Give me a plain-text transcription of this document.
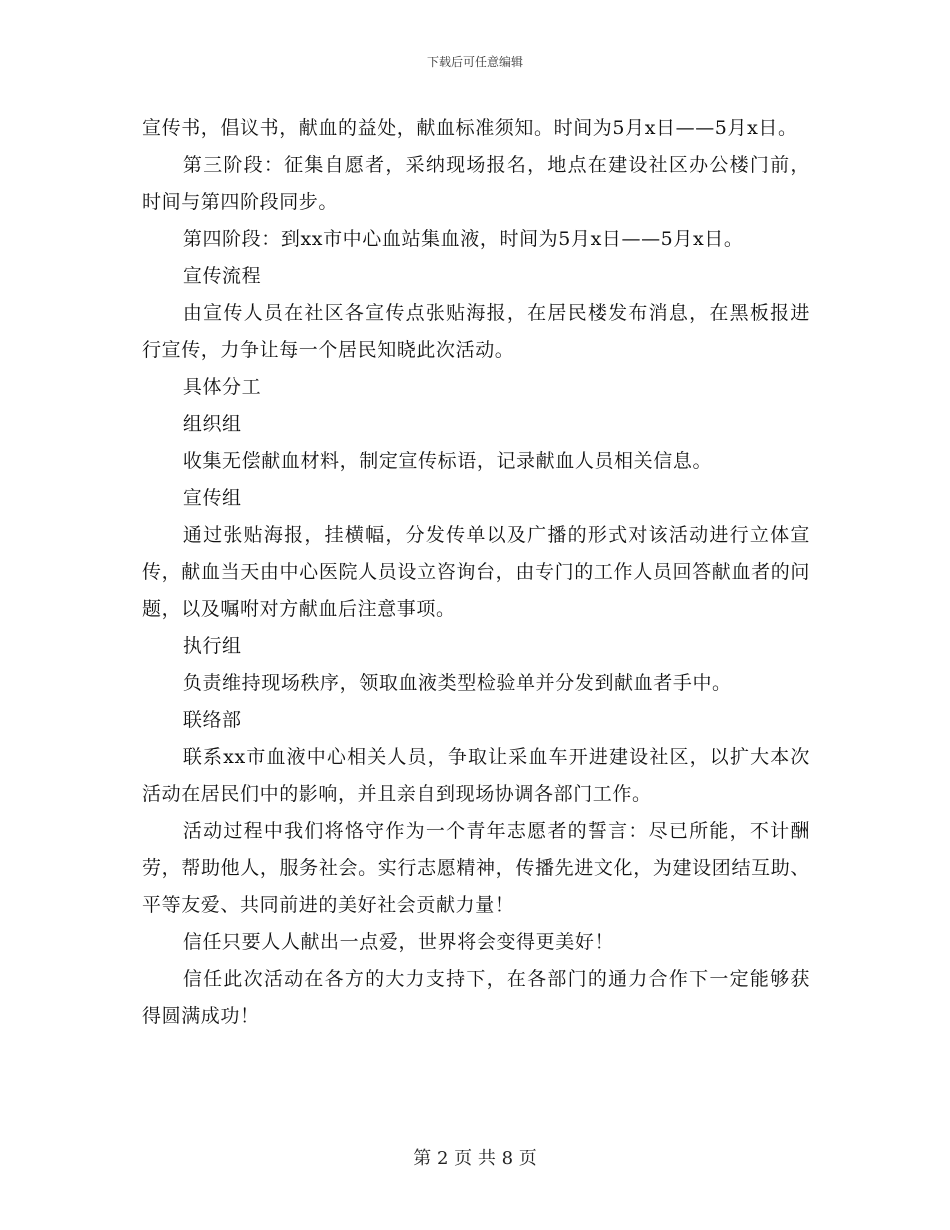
下载后可任意编辑

宣传书，倡议书，献血的益处，献血标准须知。时间为5月x日——5月x日。

第三阶段：征集自愿者，采纳现场报名，地点在建设社区办公楼门前，时间与第四阶段同步。

第四阶段：到xx市中心血站集血液，时间为5月x日——5月x日。

宣传流程

由宣传人员在社区各宣传点张贴海报，在居民楼发布消息，在黑板报进行宣传，力争让每一个居民知晓此次活动。

具体分工

组织组

收集无偿献血材料，制定宣传标语，记录献血人员相关信息。

宣传组

通过张贴海报，挂横幅，分发传单以及广播的形式对该活动进行立体宣传，献血当天由中心医院人员设立咨询台，由专门的工作人员回答献血者的问题，以及嘱咐对方献血后注意事项。

执行组

负责维持现场秩序，领取血液类型检验单并分发到献血者手中。

联络部

联系xx市血液中心相关人员，争取让采血车开进建设社区，以扩大本次活动在居民们中的影响，并且亲自到现场协调各部门工作。

活动过程中我们将恪守作为一个青年志愿者的誓言：尽已所能，不计酬劳，帮助他人，服务社会。实行志愿精神，传播先进文化，为建设团结互助、平等友爱、共同前进的美好社会贡献力量！

信任只要人人献出一点爱，世界将会变得更美好！

信任此次活动在各方的大力支持下，在各部门的通力合作下一定能够获得圆满成功！

第 2 页 共 8 页
